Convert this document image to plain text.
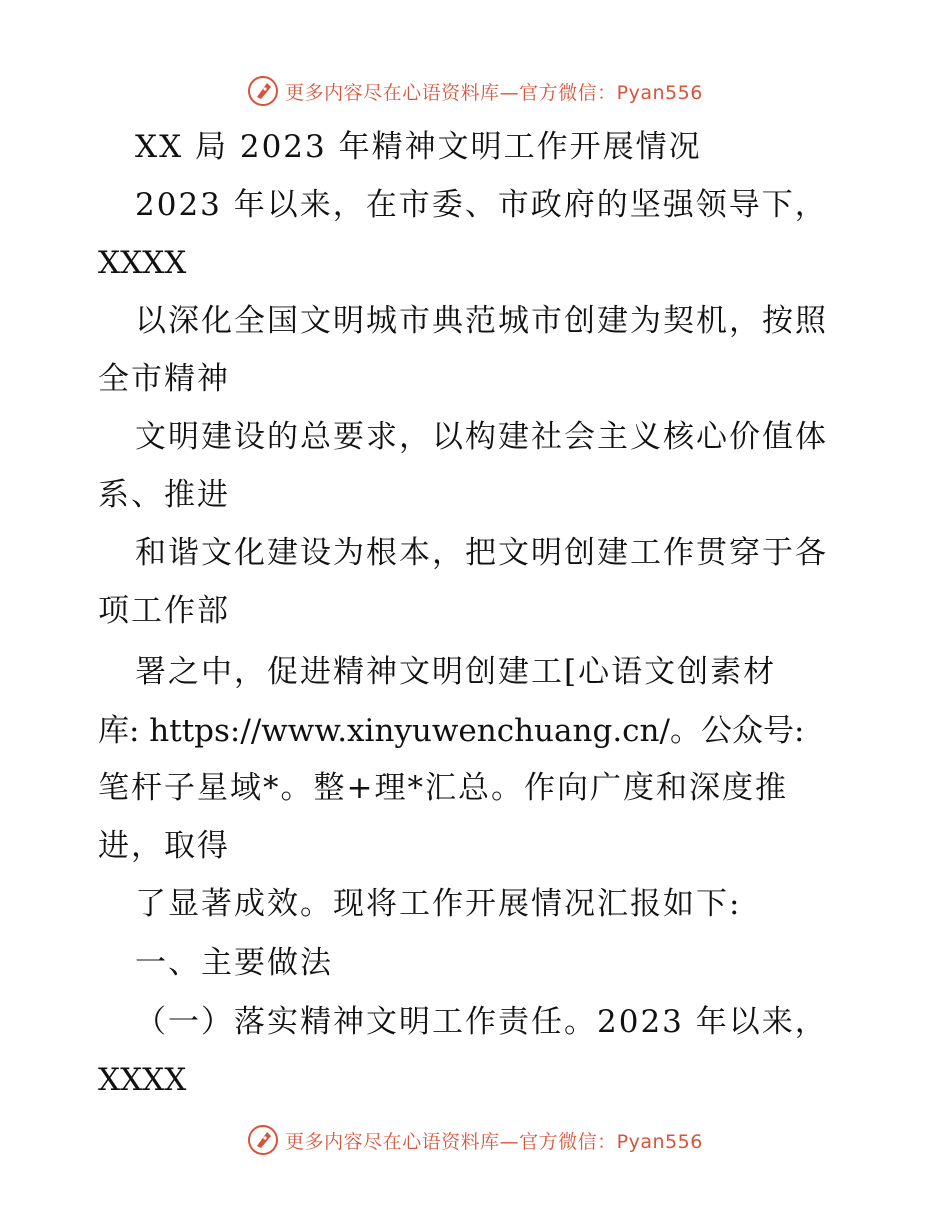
更多内容尽在心语资料库—官方微信：Pyan556
XX 局 2023 年精神文明工作开展情况
2023 年以来，在市委、市政府的坚强领导下，
XXXX
以深化全国文明城市典范城市创建为契机，按照
全市精神
文明建设的总要求，以构建社会主义核心价值体
系、推进
和谐文化建设为根本，把文明创建工作贯穿于各
项工作部
署之中，促进精神文明创建工[心语文创素材
库: https://www.xinyuwenchuang.cn/。公众号:
笔杆子星域*。整+理*汇总。作向广度和深度推
进，取得
了显著成效。现将工作开展情况汇报如下:
一、主要做法
（一）落实精神文明工作责任。2023 年以来，
XXXX
更多内容尽在心语资料库—官方微信：Pyan556
